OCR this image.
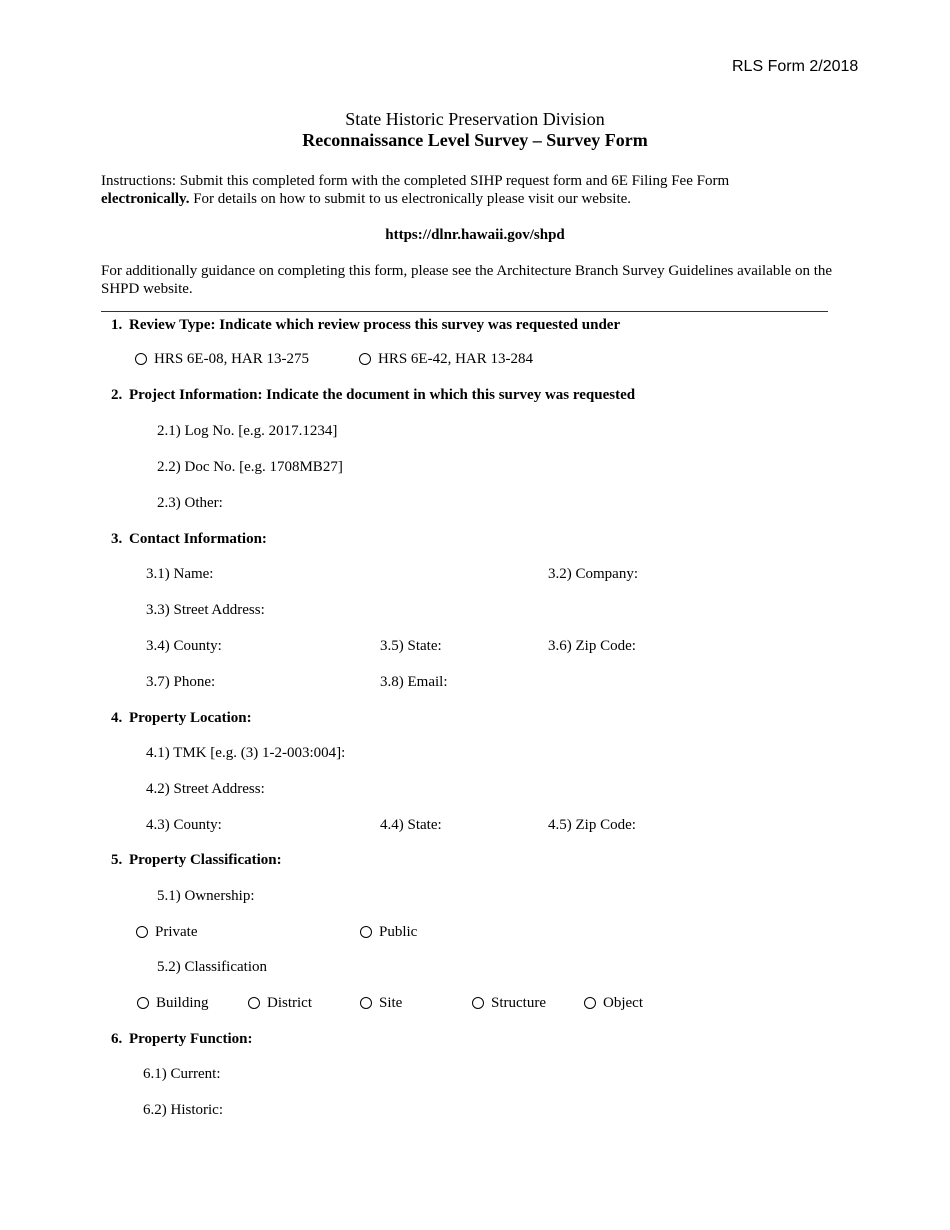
RLS Form 2/2018
State Historic Preservation Division
Reconnaissance Level Survey – Survey Form
Instructions: Submit this completed form with the completed SIHP request form and 6E Filing Fee Form
electronically. For details on how to submit to us electronically please visit our website.
https://dlnr.hawaii.gov/shpd
For additionally guidance on completing this form, please see the Architecture Branch Survey Guidelines available on the SHPD website.
1. Review Type: Indicate which review process this survey was requested under
HRS 6E-08, HAR 13-275	HRS 6E-42, HAR 13-284
2. Project Information: Indicate the document in which this survey was requested
2.1) Log No. [e.g. 2017.1234]
2.2) Doc No. [e.g. 1708MB27]
2.3) Other:
3. Contact Information:
3.1) Name:	3.2) Company:
3.3) Street Address:
3.4) County:	3.5) State:	3.6) Zip Code:
3.7) Phone:	3.8) Email:
4. Property Location:
4.1) TMK [e.g. (3) 1-2-003:004]:
4.2) Street Address:
4.3) County:	4.4) State:	4.5) Zip Code:
5. Property Classification:
5.1) Ownership:
Private	Public
5.2) Classification
Building	District	Site	Structure	Object
6. Property Function:
6.1) Current:
6.2) Historic:
